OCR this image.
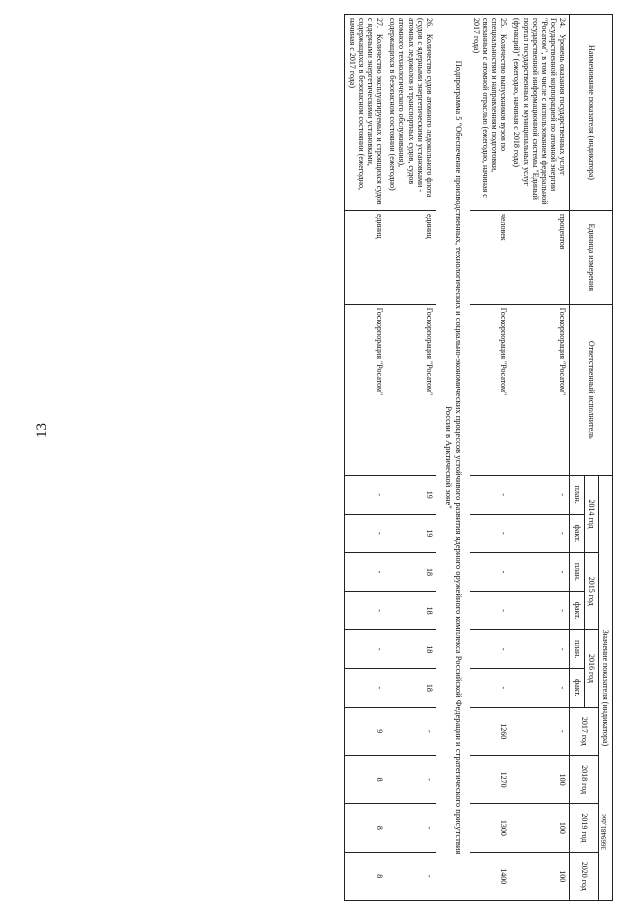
13
3669481.doc
Наименование показателя (индикатора)	Единица измерения	Ответственный исполнитель	Значение показателя (индикатора)									
			2014 год		2015 год		2016 год		2017 год	2018 год	2019 год	2020 год
			план.	факт.	план.	факт.	план.	факт.				
24.Уровень оказания государственных услуг Государственной корпорацией по атомной энергии "Росатом", в том числе с использованием федеральной государственной информационной системы "Единый портал государственных и муниципальных услуг (функций)" (ежегодно, начиная с 2018 года)	процентов	Госкорпорация "Росатом"	-	-	-	-	-	-	-	100	100	100
25.Количество выпускников вузов по специальностям и направлениям подготовки, связанным с атомной отраслью (ежегодно, начиная с 2017 года)	человек	Госкорпорация "Росатом"	-	-	-	-	-	-	1260	1270	1300	1400
Подпрограмма 5 "Обеспечение производственных, технологических и социально-экономических процессов устойчивого развития ядерного оружейного комплекса Российской Федерации и стратегического присутствия России в Арктической зоне"												
26.Количество судов атомного ледокольного флота (судов с ядерными энергетическими установками - атомных ледоколов и транспортных судов, судов атомного технологического обслуживания), содержащихся в безопасном состоянии (ежегодно)	единиц	Госкорпорация "Росатом"	19	19	18	18	18	18	-	-	-	-
27.Количество эксплуатируемых и строящихся судов с ядерными энергетическими установками, содержащихся в безопасном состоянии (ежегодно, начиная с 2017 года)	единиц	Госкорпорация "Росатом"	-	-	-	-	-	-	9	8	8	8
